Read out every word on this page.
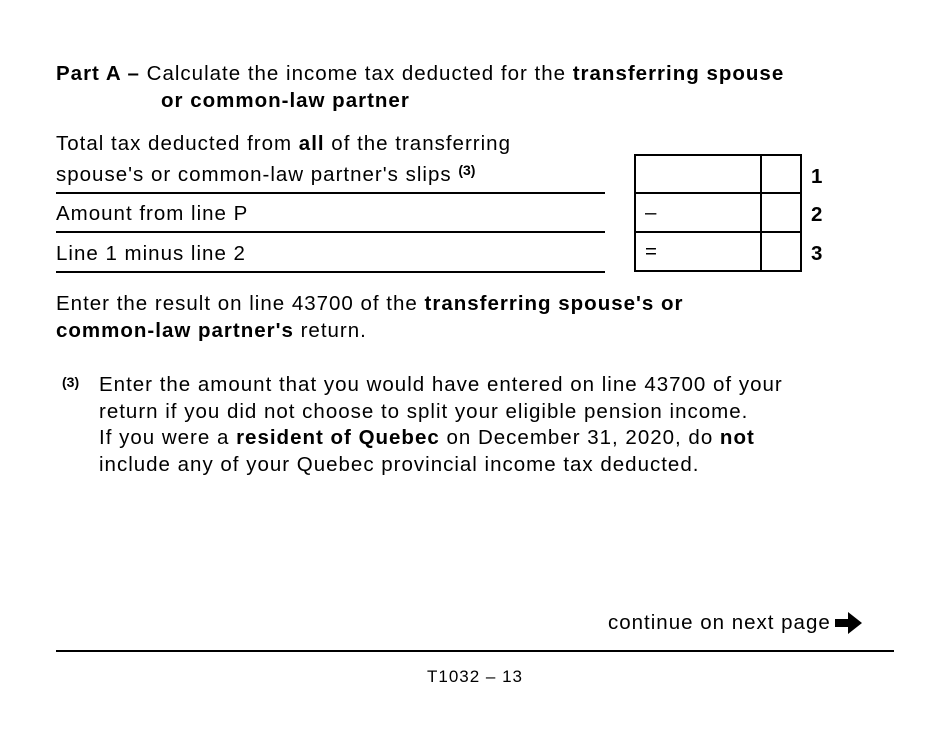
Part A – Calculate the income tax deducted for the transferring spouse
or common-law partner
Total tax deducted from all of the transferring
spouse's or common-law partner's slips $^{(3)}$
Amount from line P
Line 1 minus line 2
–
=
1
2
3
Enter the result on line 43700 of the transferring spouse's or
common-law partner's return.
(3) Enter the amount that you would have entered on line 43700 of your
return if you did not choose to split your eligible pension income.
If you were a resident of Quebec on December 31, 2020, do not
include any of your Quebec provincial income tax deducted.
continue on next page
T1032 – 13
